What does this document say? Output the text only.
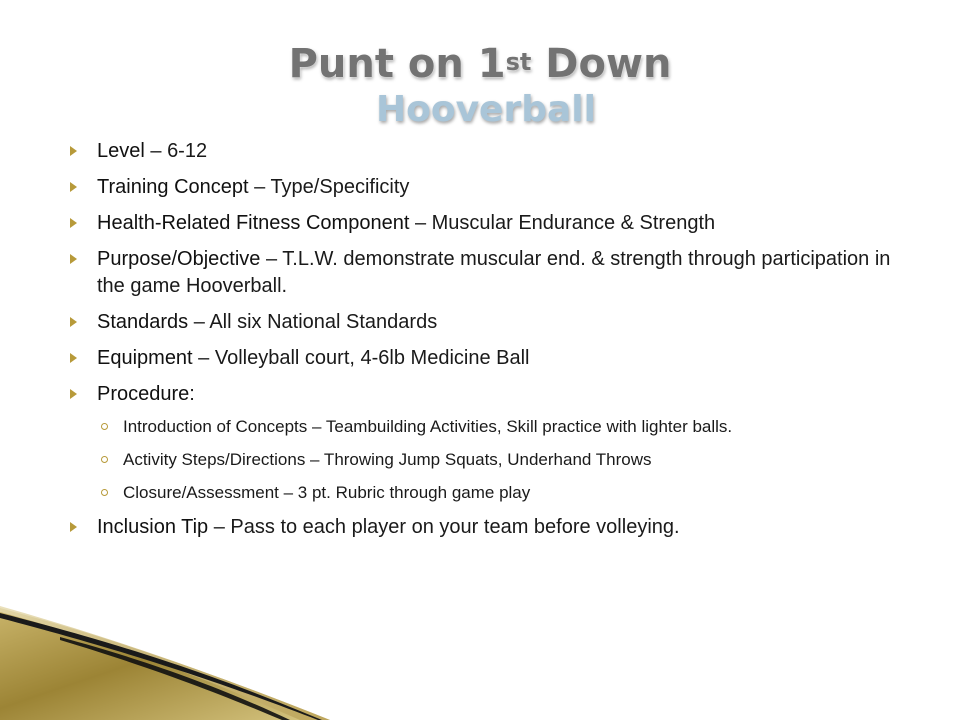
Punt on 1st Down
Hooverball
Level – 6-12
Training Concept – Type/Specificity
Health-Related Fitness Component – Muscular Endurance & Strength
Purpose/Objective – T.L.W. demonstrate muscular end. & strength through participation in the game Hooverball.
Standards – All six National Standards
Equipment – Volleyball court, 4-6lb Medicine Ball
Procedure:
Introduction of Concepts – Teambuilding Activities, Skill practice with lighter balls.
Activity Steps/Directions – Throwing Jump Squats, Underhand Throws
Closure/Assessment – 3 pt. Rubric through game play
Inclusion Tip – Pass to each player on your team before volleying.
